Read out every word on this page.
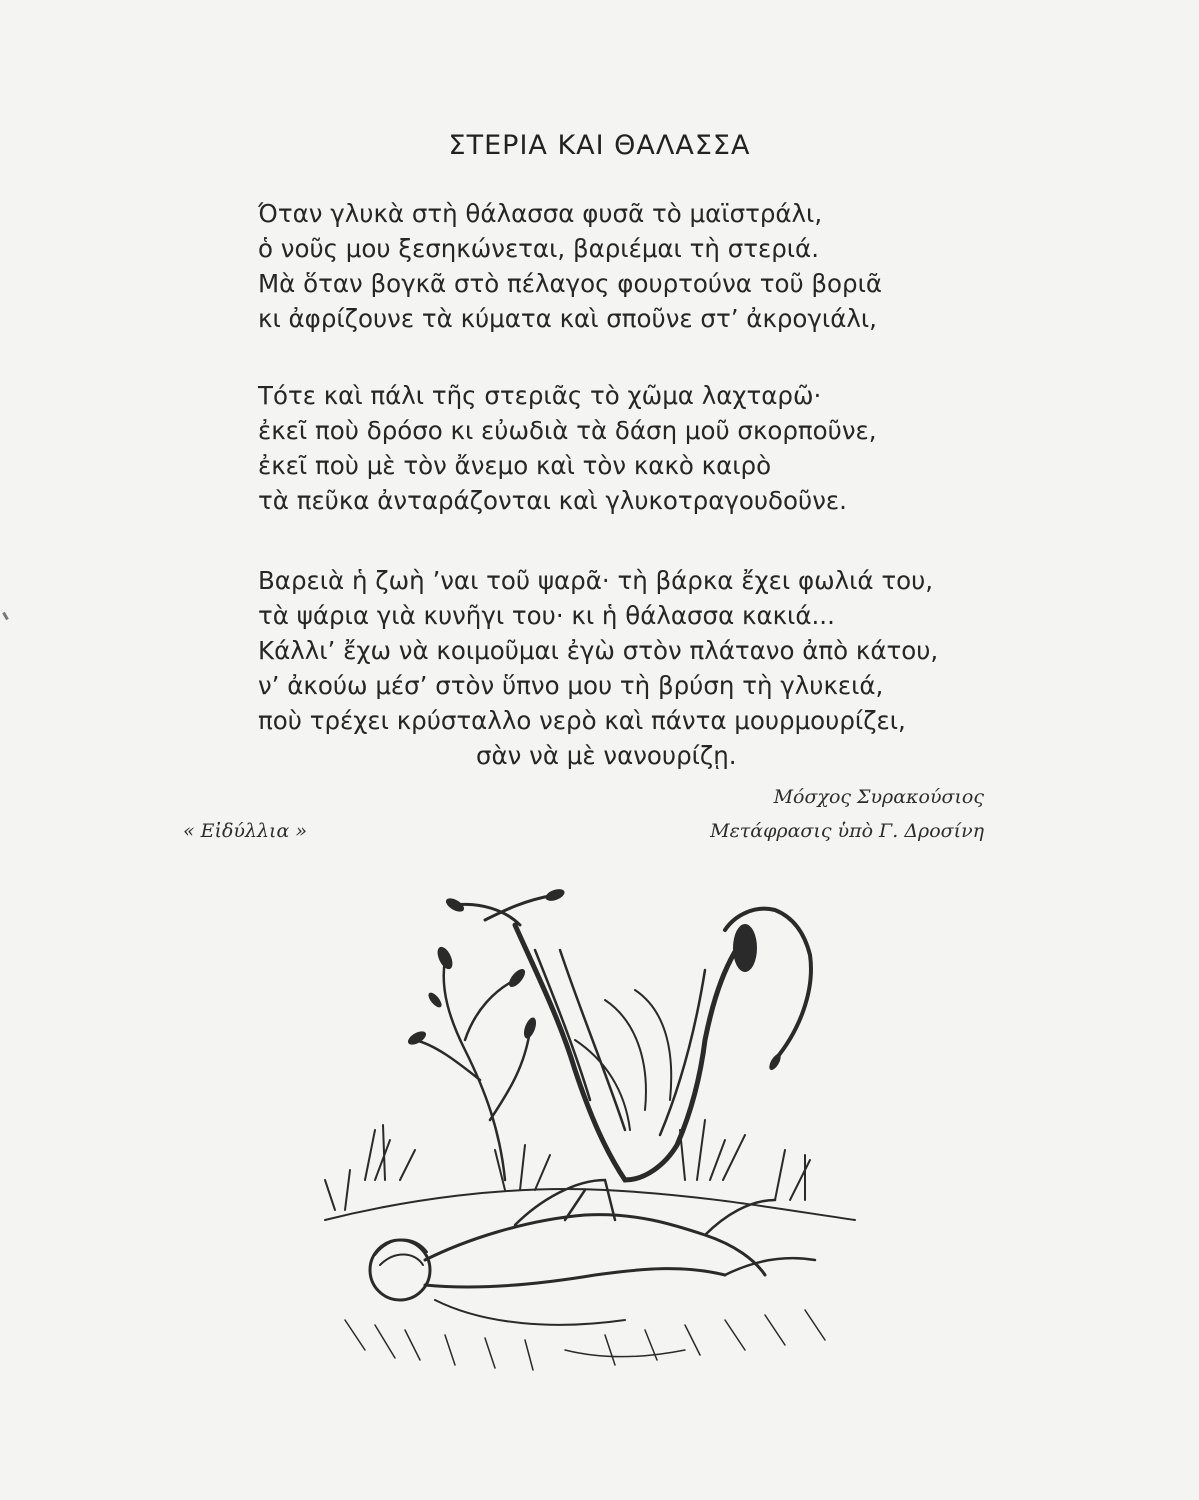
ΣΤΕΡΙΑ ΚΑΙ ΘΑΛΑΣΣΑ
Όταν γλυκὰ στὴ θάλασσα φυσᾶ τὸ μαϊστράλι,
ὁ νοῦς μου ξεσηκώνεται, βαριέμαι τὴ στεριά.
Μὰ ὅταν βογκᾶ στὸ πέλαγος φουρτούνα τοῦ βοριᾶ
κι ἀφρίζουνε τὰ κύματα καὶ σποῦνε στ’ ἀκρογιάλι,
Τότε καὶ πάλι τῆς στεριᾶς τὸ χῶμα λαχταρῶ·
ἐκεῖ ποὺ δρόσο κι εὐωδιὰ τὰ δάση μοῦ σκορποῦνε,
ἐκεῖ ποὺ μὲ τὸν ἄνεμο καὶ τὸν κακὸ καιρὸ
τὰ πεῦκα ἀνταράζονται καὶ γλυκοτραγουδοῦνε.
Βαρειὰ ἡ ζωὴ ’ναι τοῦ ψαρᾶ· τὴ βάρκα ἔχει φωλιά του,
τὰ ψάρια γιὰ κυνῆγι του· κι ἡ θάλασσα κακιά...
Κάλλι’ ἔχω νὰ κοιμοῦμαι ἐγὼ στὸν πλάτανο ἀπὸ κάτου,
ν’ ἀκούω μέσ’ στὸν ὕπνο μου τὴ βρύση τὴ γλυκειά,
ποὺ τρέχει κρύσταλλο νερὸ καὶ πάντα μουρμουρίζει,
σὰν νὰ μὲ νανουρίζῃ.
Μόσχος Συρακούσιος
Μετάφρασις ὑπὸ Γ. Δροσίνη
« Εἰδύλλια »
